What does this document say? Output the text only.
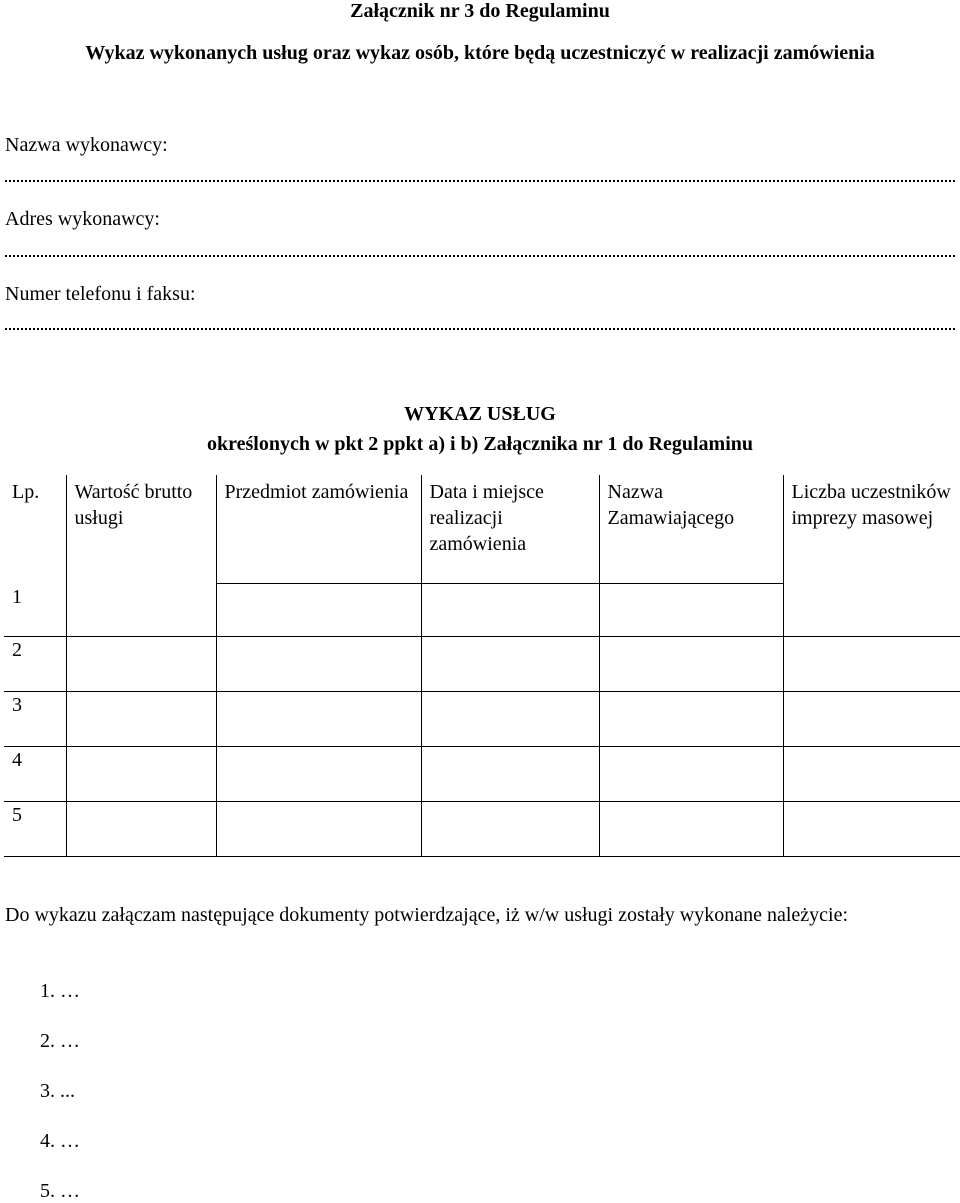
Załącznik nr 3 do Regulaminu
Wykaz wykonanych usług oraz wykaz osób, które będą uczestniczyć w realizacji zamówienia
Nazwa wykonawcy:
Adres wykonawcy:
Numer telefonu i faksu:
WYKAZ USŁUG
określonych w pkt 2 ppkt a) i b) Załącznika nr 1 do Regulaminu
Lp.	Wartość brutto usługi	Przedmiot zamówienia	Data i miejsce realizacji zamówienia	Nazwa Zamawiającego	Liczba uczestników imprezy masowej
1					
2					
3					
4					
5					
Do wykazu załączam następujące dokumenty potwierdzające, iż w/w usługi zostały wykonane należycie:
1. …
2. …
3. ...
4. …
5. …
